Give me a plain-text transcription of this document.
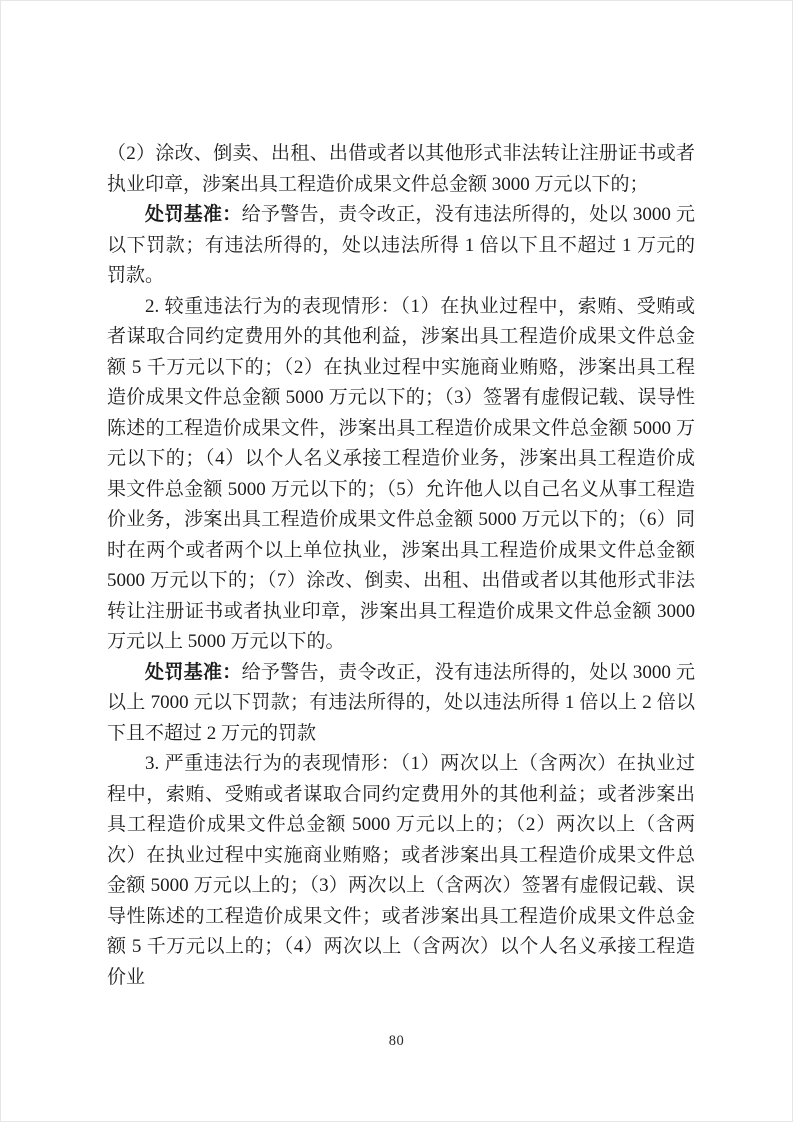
（2）涂改、倒卖、出租、出借或者以其他形式非法转让注册证书或者执业印章，涉案出具工程造价成果文件总金额 3000 万元以下的；

处罚基准：给予警告，责令改正，没有违法所得的，处以 3000 元以下罚款；有违法所得的，处以违法所得 1 倍以下且不超过 1 万元的罚款。

2. 较重违法行为的表现情形：（1）在执业过程中，索贿、受贿或者谋取合同约定费用外的其他利益，涉案出具工程造价成果文件总金额 5 千万元以下的；（2）在执业过程中实施商业贿赂，涉案出具工程造价成果文件总金额 5000 万元以下的；（3）签署有虚假记载、误导性陈述的工程造价成果文件，涉案出具工程造价成果文件总金额 5000 万元以下的；（4）以个人名义承接工程造价业务，涉案出具工程造价成果文件总金额 5000 万元以下的；（5）允许他人以自己名义从事工程造价业务，涉案出具工程造价成果文件总金额 5000 万元以下的；（6）同时在两个或者两个以上单位执业，涉案出具工程造价成果文件总金额 5000 万元以下的；（7）涂改、倒卖、出租、出借或者以其他形式非法转让注册证书或者执业印章，涉案出具工程造价成果文件总金额 3000 万元以上 5000 万元以下的。

处罚基准：给予警告，责令改正，没有违法所得的，处以 3000 元以上 7000 元以下罚款；有违法所得的，处以违法所得 1 倍以上 2 倍以下且不超过 2 万元的罚款

3. 严重违法行为的表现情形：（1）两次以上（含两次）在执业过程中，索贿、受贿或者谋取合同约定费用外的其他利益；或者涉案出具工程造价成果文件总金额 5000 万元以上的；（2）两次以上（含两次）在执业过程中实施商业贿赂；或者涉案出具工程造价成果文件总金额 5000 万元以上的；（3）两次以上（含两次）签署有虚假记载、误导性陈述的工程造价成果文件；或者涉案出具工程造价成果文件总金额 5 千万元以上的；（4）两次以上（含两次）以个人名义承接工程造价业

80
